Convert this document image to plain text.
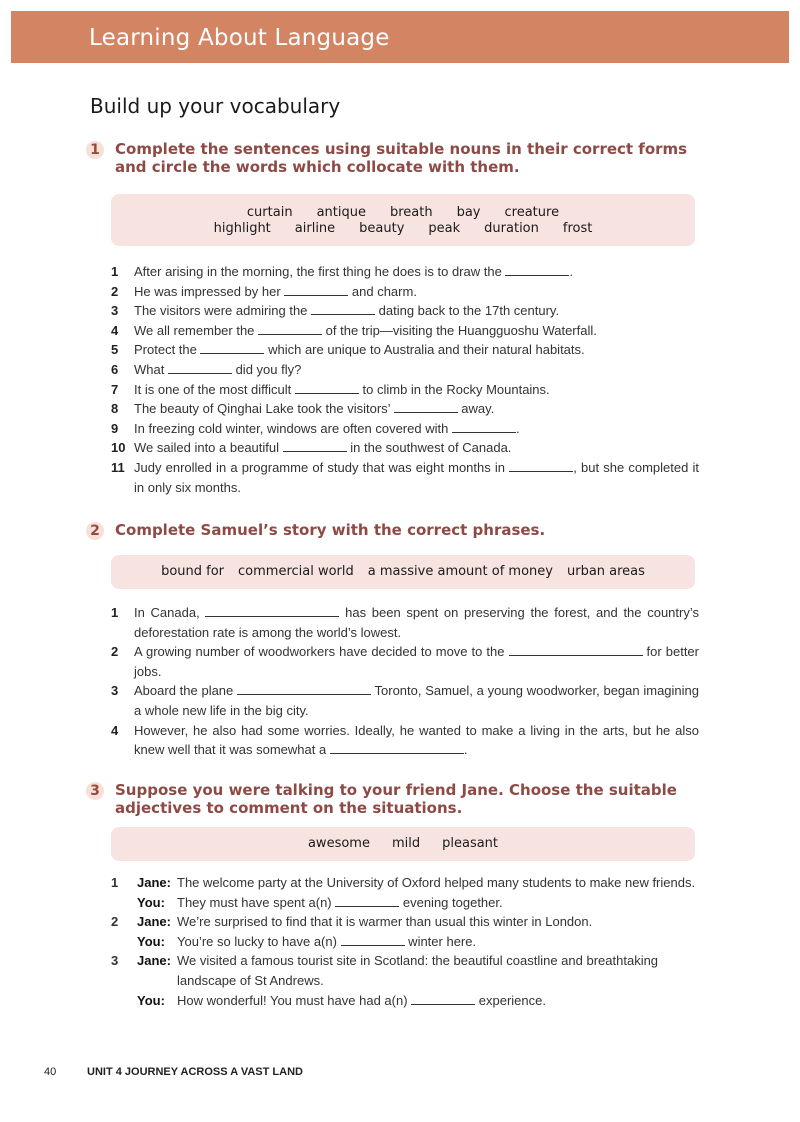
Learning About Language
Build up your vocabulary
1 Complete the sentences using suitable nouns in their correct forms and circle the words which collocate with them.
curtain antique breath bay creature
highlight airline beauty peak duration frost
1	After arising in the morning, the first thing he does is to draw the	.
2	He was impressed by her	and charm.
3	The visitors were admiring the	dating back to the 17th century.
4	We all remember the	of the trip—visiting the Huangguoshu Waterfall.
5	Protect the	which are unique to Australia and their natural habitats.
6	What	did you fly?
7	It is one of the most difficult	to climb in the Rocky Mountains.
8	The beauty of Qinghai Lake took the visitors’	away.
9	In freezing cold winter, windows are often covered with	.
10 We sailed into a beautiful	in the southwest of Canada.
11 Judy enrolled in a programme of study that was eight months in	, but she completed it in only six months.
2 Complete Samuel’s story with the correct phrases.
bound for commercial world a massive amount of money urban areas
1	In Canada,	has been spent on preserving the forest, and the country’s deforestation rate is among the world’s lowest.
2	A growing number of woodworkers have decided to move to the	for better jobs.
3	Aboard the plane	Toronto, Samuel, a young woodworker, began imagining a whole new life in the big city.
4	However, he also had some worries. Ideally, he wanted to make a living in the arts, but he also knew well that it was somewhat a	.
3 Suppose you were talking to your friend Jane. Choose the suitable adjectives to comment on the situations.
awesome mild pleasant
1	Jane: The welcome party at the University of Oxford helped many students to make new friends.
You: They must have spent a(n)	evening together.
2	Jane: We’re surprised to find that it is warmer than usual this winter in London.
You: You’re so lucky to have a(n)	winter here.
3	Jane: We visited a famous tourist site in Scotland: the beautiful coastline and breathtaking landscape of St Andrews.
You: How wonderful! You must have had a(n)	experience.
40	UNIT 4 JOURNEY ACROSS A VAST LAND
